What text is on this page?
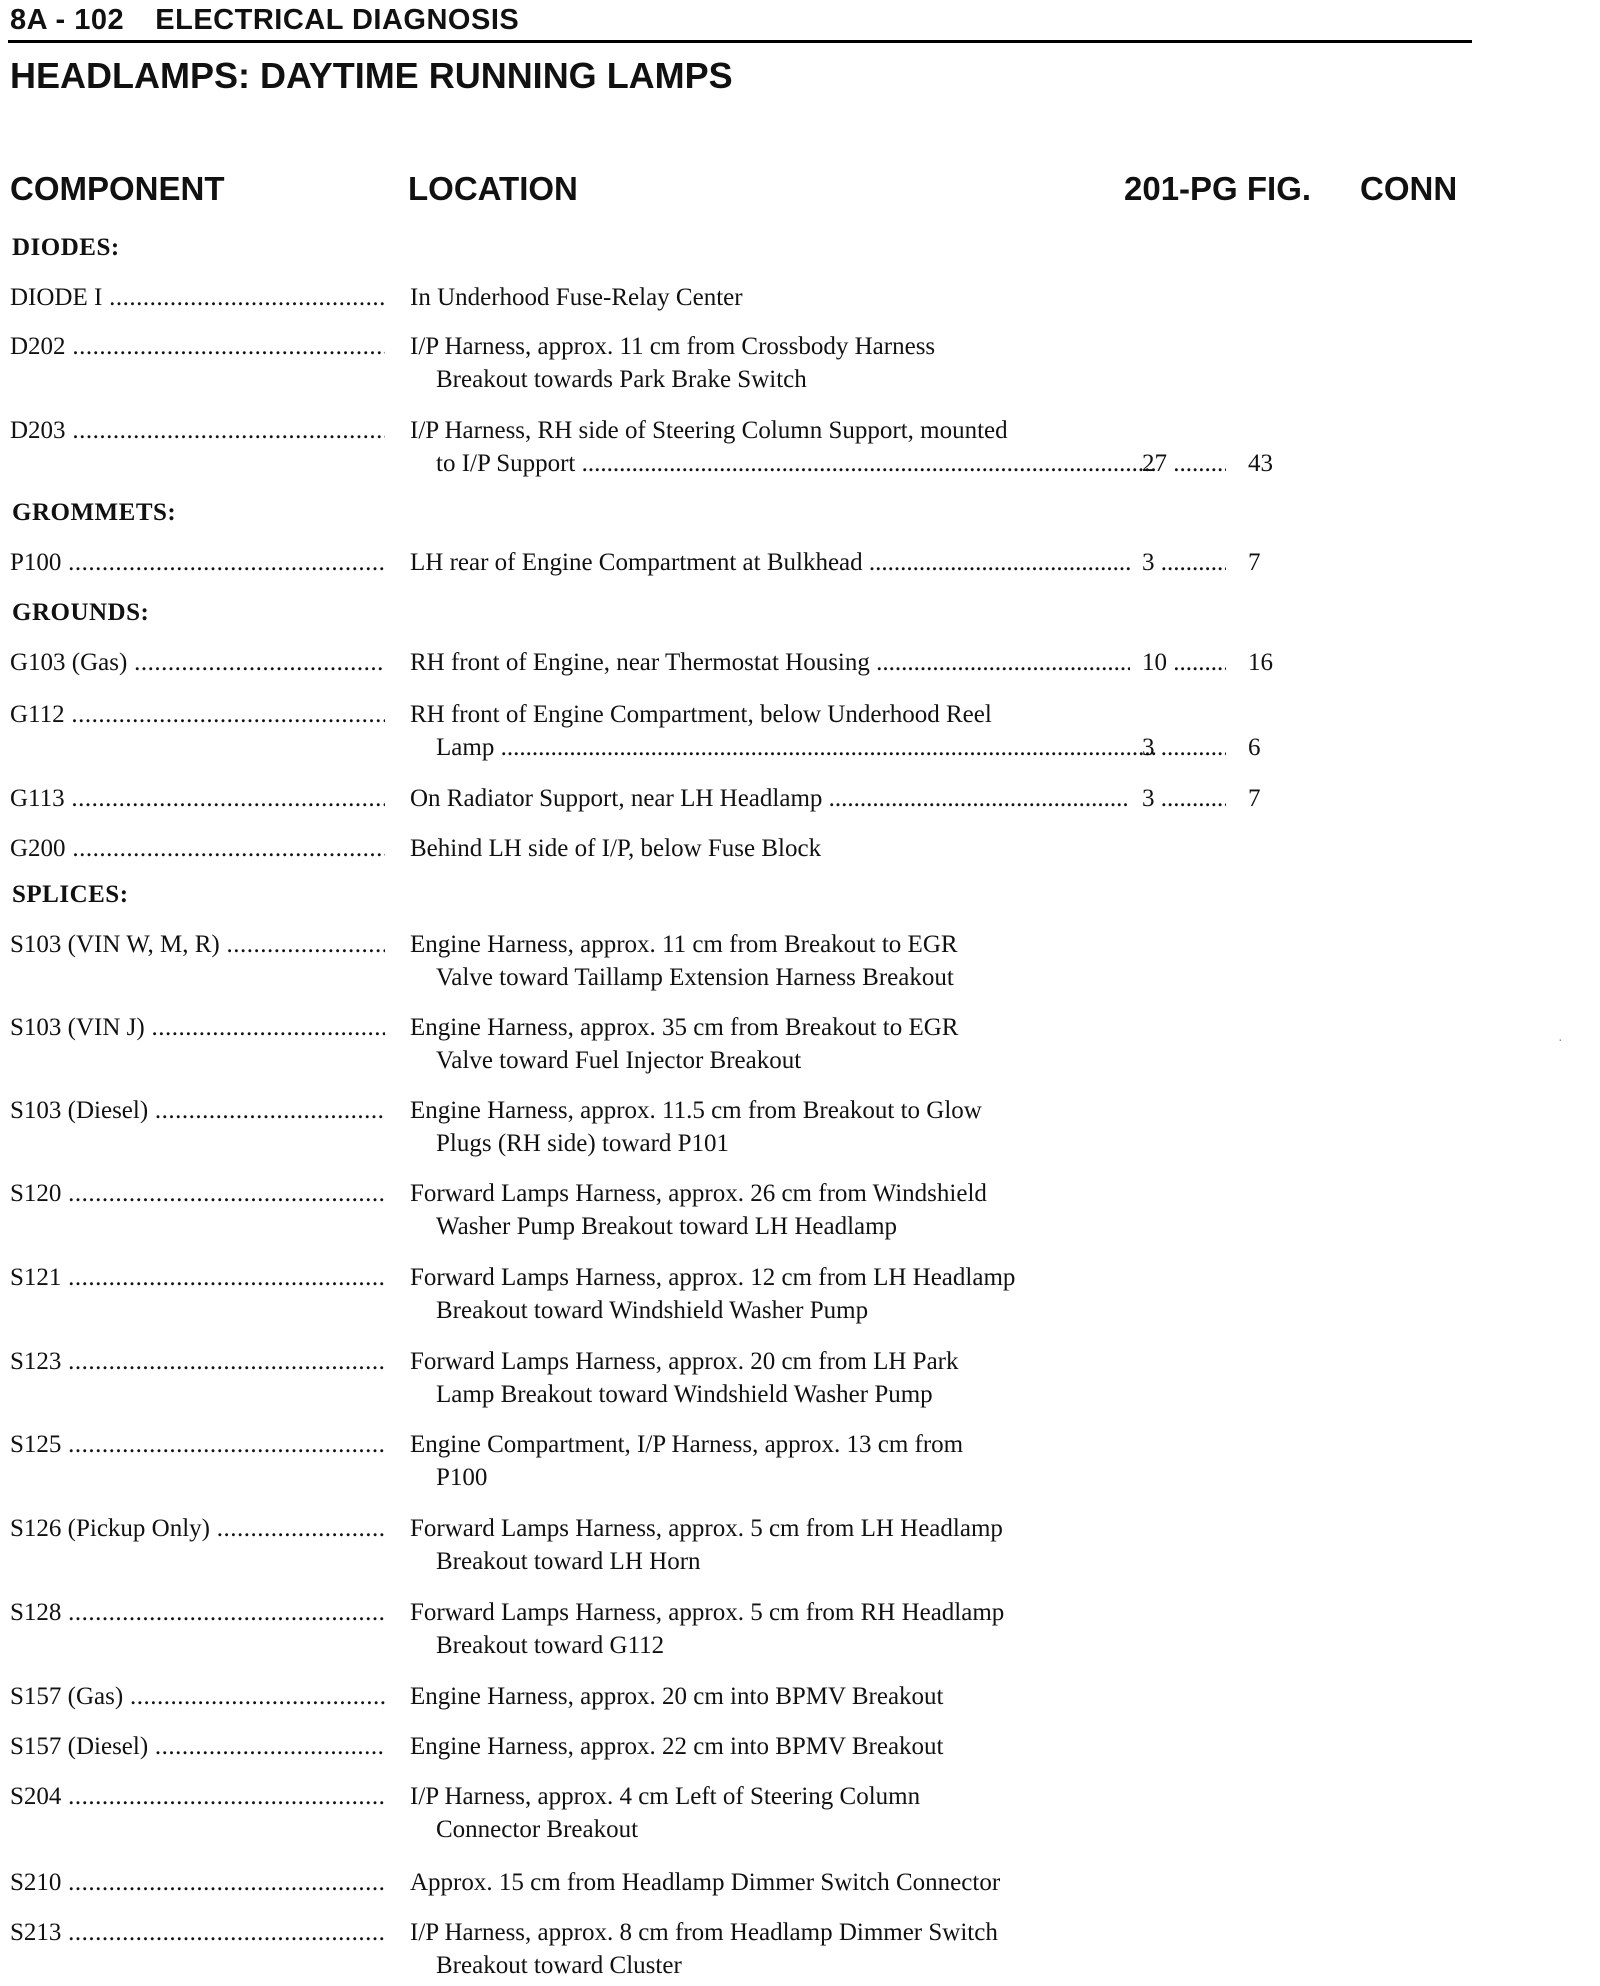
8A - 102 ELECTRICAL DIAGNOSIS
HEADLAMPS: DAYTIME RUNNING LAMPS
COMPONENT	LOCATION	201-PG FIG. CONN
DIODES:
DIODE I .....	In Underhood Fuse-Relay Center
D202 .....	I/P Harness, approx. 11 cm from Crossbody Harness
Breakout towards Park Brake Switch
D203 .....	I/P Harness, RH side of Steering Column Support, mounted
to I/P Support .....	27 .....	43
GROMMETS:
P100 .....	LH rear of Engine Compartment at Bulkhead .....	3 .....	7
GROUNDS:
G103 (Gas) .....	RH front of Engine, near Thermostat Housing .....	10 .....	16
G112 .....	RH front of Engine Compartment, below Underhood Reel
Lamp .....	3 .....	6
G113 .....	On Radiator Support, near LH Headlamp .....	3 .....	7
G200 .....	Behind LH side of I/P, below Fuse Block
SPLICES:
S103 (VIN W, M, R) .....	Engine Harness, approx. 11 cm from Breakout to EGR
Valve toward Taillamp Extension Harness Breakout
S103 (VIN J) .....	Engine Harness, approx. 35 cm from Breakout to EGR
Valve toward Fuel Injector Breakout
S103 (Diesel) .....	Engine Harness, approx. 11.5 cm from Breakout to Glow
Plugs (RH side) toward P101
S120 .....	Forward Lamps Harness, approx. 26 cm from Windshield
Washer Pump Breakout toward LH Headlamp
S121 .....	Forward Lamps Harness, approx. 12 cm from LH Headlamp
Breakout toward Windshield Washer Pump
S123 .....	Forward Lamps Harness, approx. 20 cm from LH Park
Lamp Breakout toward Windshield Washer Pump
S125 .....	Engine Compartment, I/P Harness, approx. 13 cm from
P100
S126 (Pickup Only) .....	Forward Lamps Harness, approx. 5 cm from LH Headlamp
Breakout toward LH Horn
S128 .....	Forward Lamps Harness, approx. 5 cm from RH Headlamp
Breakout toward G112
S157 (Gas) .....	Engine Harness, approx. 20 cm into BPMV Breakout
S157 (Diesel) .....	Engine Harness, approx. 22 cm into BPMV Breakout
S204 .....	I/P Harness, approx. 4 cm Left of Steering Column
Connector Breakout
S210 .....	Approx. 15 cm from Headlamp Dimmer Switch Connector
S213 .....	I/P Harness, approx. 8 cm from Headlamp Dimmer Switch
Breakout toward Cluster
·
